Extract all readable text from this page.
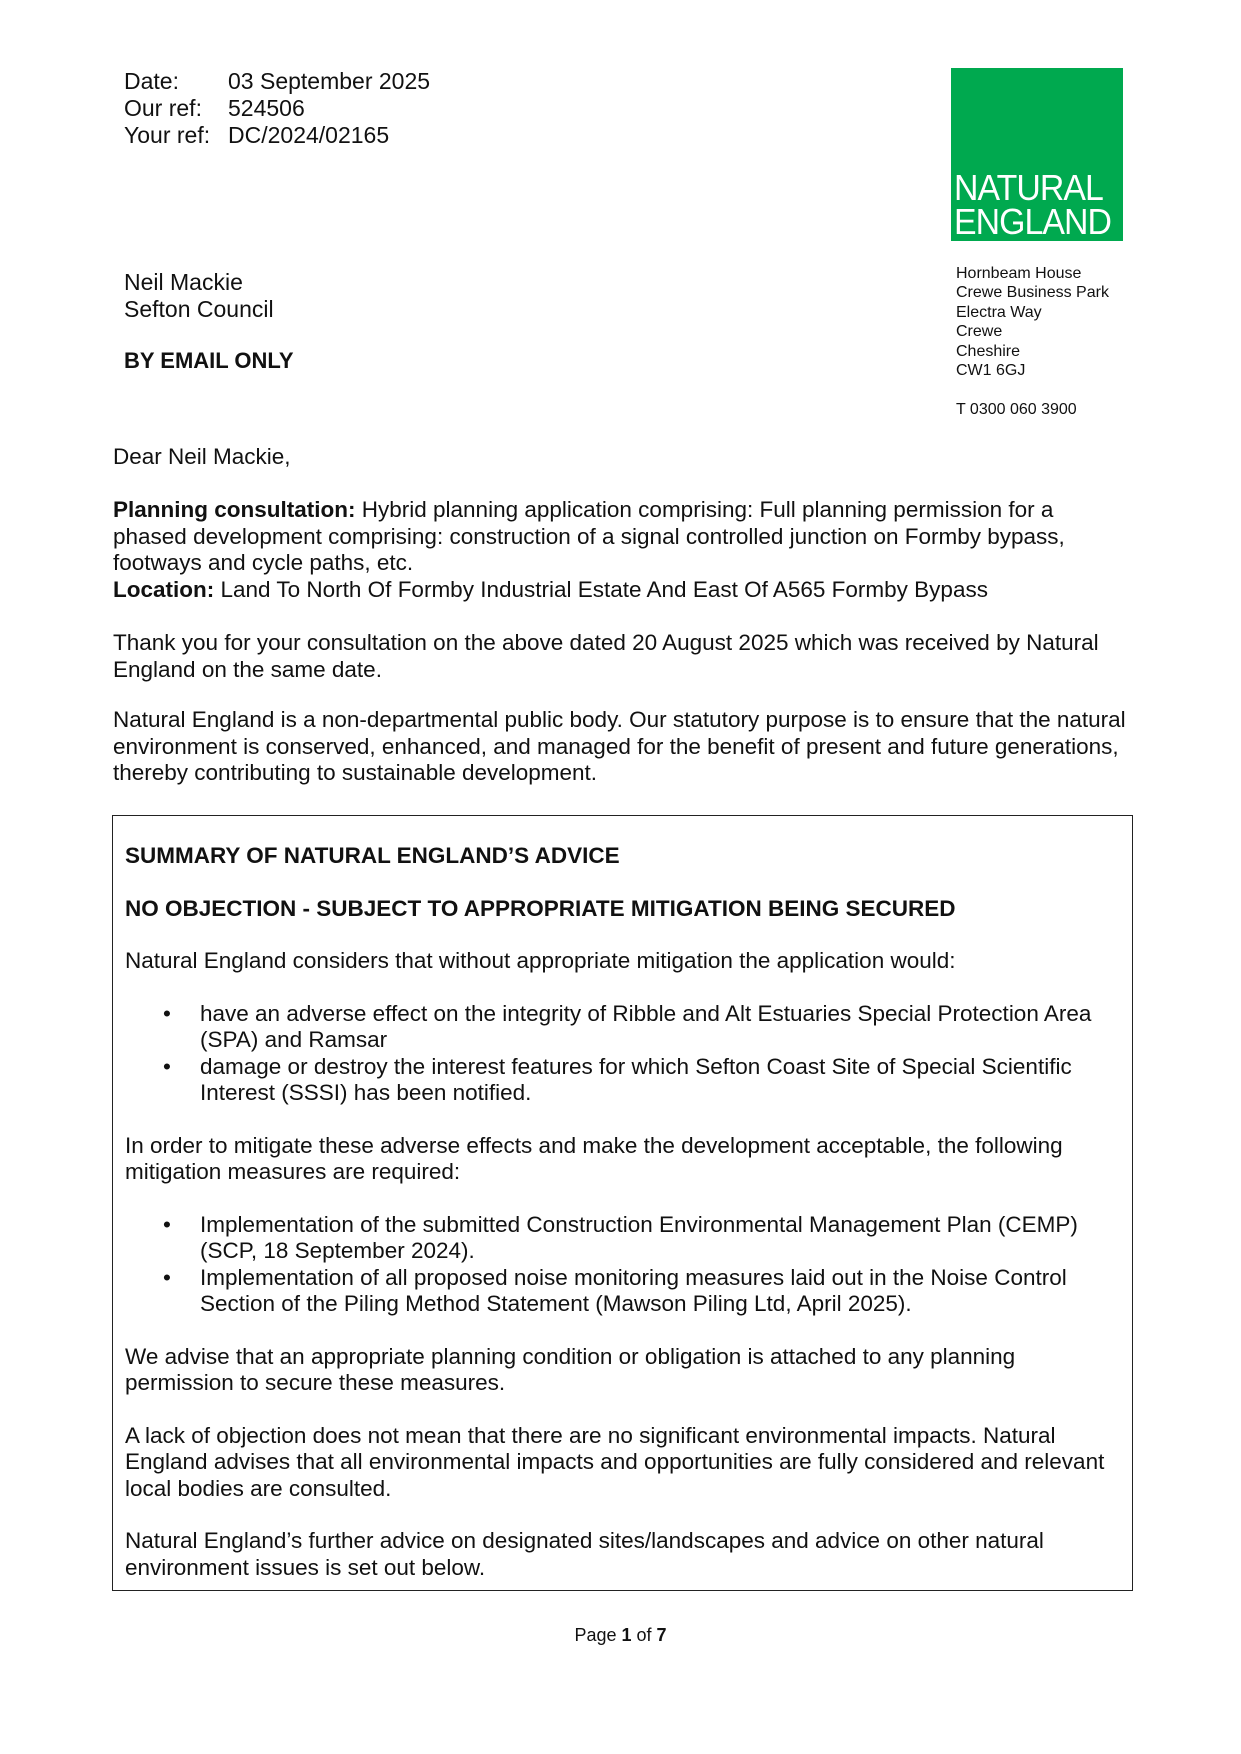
Date:	03 September 2025
Our ref:	524506
Your ref:	DC/2024/02165
NATURAL
ENGLAND
Neil Mackie
Sefton Council
BY EMAIL ONLY
Hornbeam House
Crewe Business Park
Electra Way
Crewe
Cheshire
CW1 6GJ
T 0300 060 3900
Dear Neil Mackie,
Planning consultation: Hybrid planning application comprising: Full planning permission for a phased development comprising: construction of a signal controlled junction on Formby bypass, footways and cycle paths, etc.
Location: Land To North Of Formby Industrial Estate And East Of A565 Formby Bypass
Thank you for your consultation on the above dated 20 August 2025 which was received by Natural England on the same date.
Natural England is a non-departmental public body. Our statutory purpose is to ensure that the natural environment is conserved, enhanced, and managed for the benefit of present and future generations, thereby contributing to sustainable development.

SUMMARY OF NATURAL ENGLAND’S ADVICE

NO OBJECTION - SUBJECT TO APPROPRIATE MITIGATION BEING SECURED

Natural England considers that without appropriate mitigation the application would:

• have an adverse effect on the integrity of Ribble and Alt Estuaries Special Protection Area (SPA) and Ramsar
• damage or destroy the interest features for which Sefton Coast Site of Special Scientific Interest (SSSI) has been notified.

In order to mitigate these adverse effects and make the development acceptable, the following mitigation measures are required:

• Implementation of the submitted Construction Environmental Management Plan (CEMP) (SCP, 18 September 2024).
• Implementation of all proposed noise monitoring measures laid out in the Noise Control Section of the Piling Method Statement (Mawson Piling Ltd, April 2025).

We advise that an appropriate planning condition or obligation is attached to any planning permission to secure these measures.

A lack of objection does not mean that there are no significant environmental impacts. Natural England advises that all environmental impacts and opportunities are fully considered and relevant local bodies are consulted.

Natural England’s further advice on designated sites/landscapes and advice on other natural environment issues is set out below.

Page 1 of 7
